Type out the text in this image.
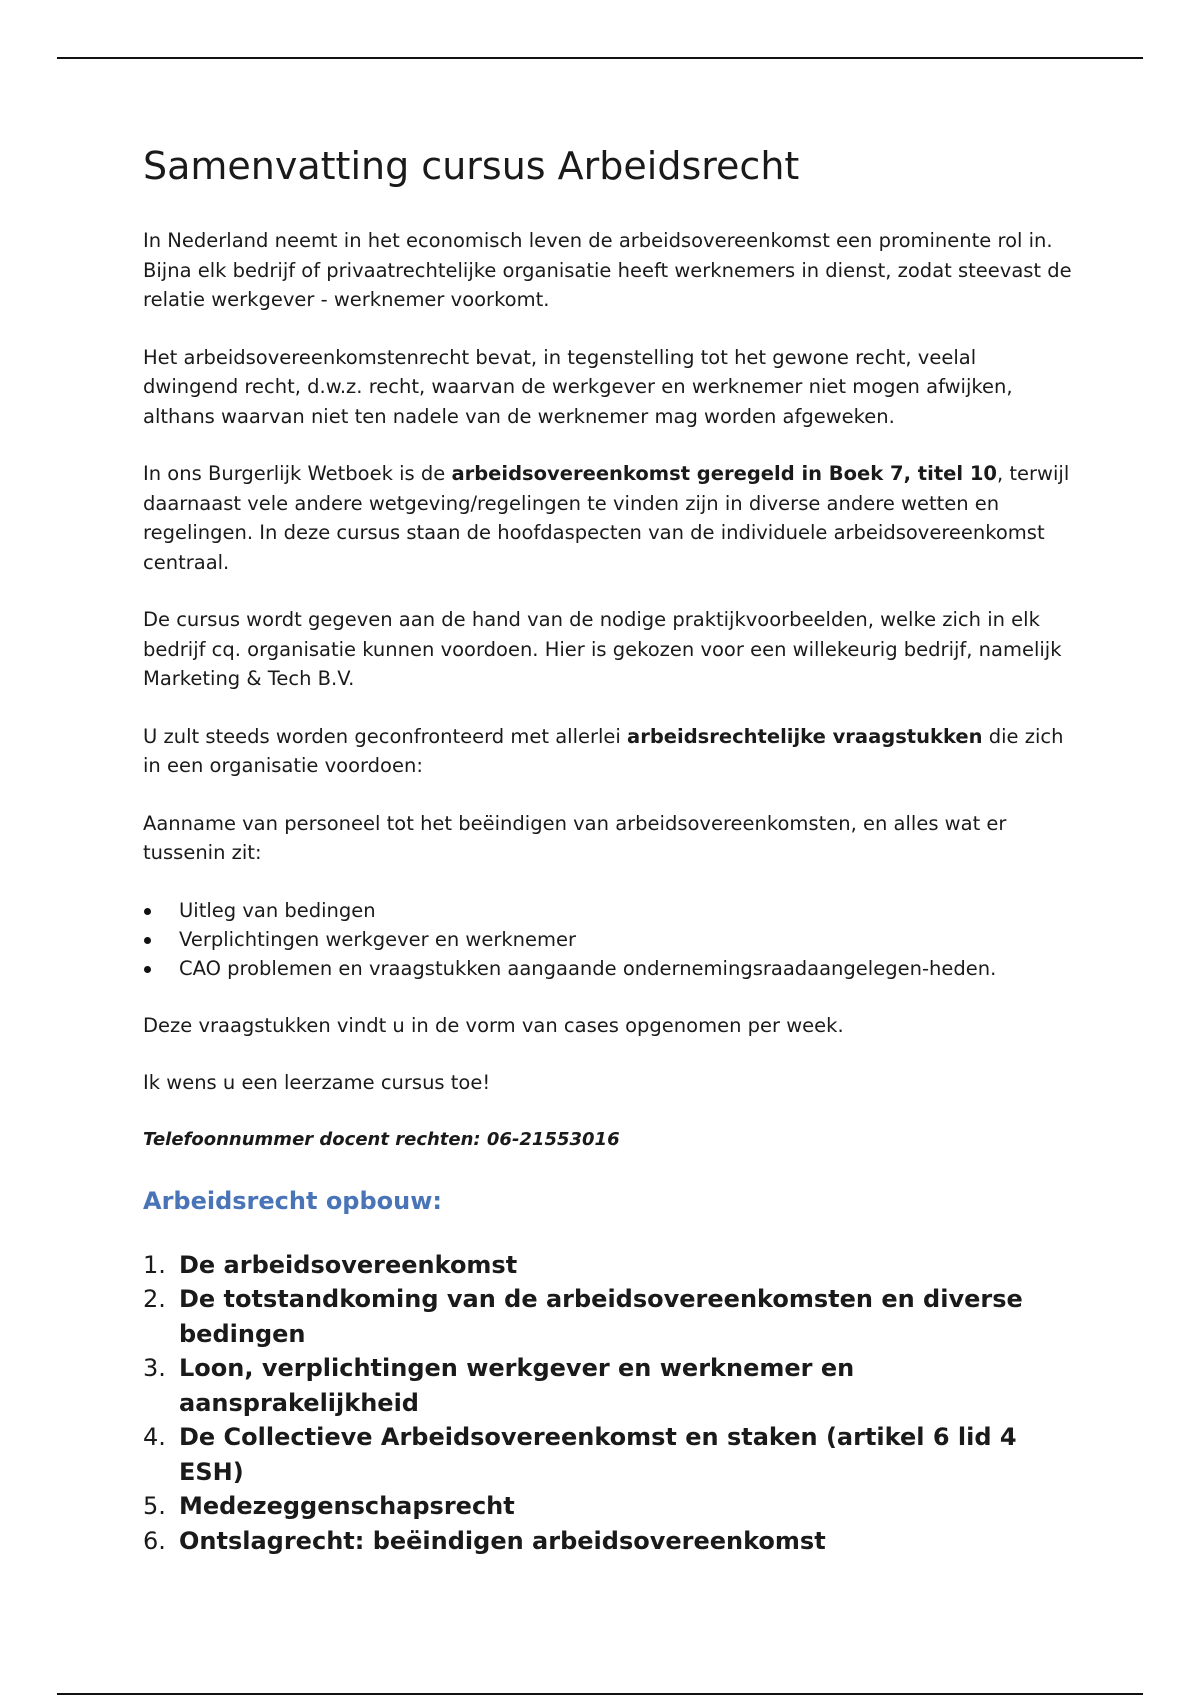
Samenvatting cursus Arbeidsrecht

In Nederland neemt in het economisch leven de arbeidsovereenkomst een prominente rol in. Bijna elk bedrijf of privaatrechtelijke organisatie heeft werknemers in dienst, zodat steevast de relatie werkgever - werknemer voorkomt.

Het arbeidsovereenkomstenrecht bevat, in tegenstelling tot het gewone recht, veelal dwingend recht, d.w.z. recht, waarvan de werkgever en werknemer niet mogen afwijken, althans waarvan niet ten nadele van de werknemer mag worden afgeweken.

In ons Burgerlijk Wetboek is de arbeidsovereenkomst geregeld in Boek 7, titel 10, terwijl daarnaast vele andere wetgeving/regelingen te vinden zijn in diverse andere wetten en regelingen. In deze cursus staan de hoofdaspecten van de individuele arbeidsovereenkomst centraal.

De cursus wordt gegeven aan de hand van de nodige praktijkvoorbeelden, welke zich in elk bedrijf cq. organisatie kunnen voordoen. Hier is gekozen voor een willekeurig bedrijf, namelijk Marketing & Tech B.V.

U zult steeds worden geconfronteerd met allerlei arbeidsrechtelijke vraagstukken die zich in een organisatie voordoen:

Aanname van personeel tot het beëindigen van arbeidsovereenkomsten, en alles wat er tussenin zit:

Uitleg van bedingen
Verplichtingen werkgever en werknemer
CAO problemen en vraagstukken aangaande ondernemingsraadaangelegen-heden.

Deze vraagstukken vindt u in de vorm van cases opgenomen per week.

Ik wens u een leerzame cursus toe!

Telefoonnummer docent rechten: 06-21553016

Arbeidsrecht opbouw:
1. De arbeidsovereenkomst
2. De totstandkoming van de arbeidsovereenkomsten en diverse bedingen
3. Loon, verplichtingen werkgever en werknemer en aansprakelijkheid
4. De Collectieve Arbeidsovereenkomst en staken (artikel 6 lid 4 ESH)
5. Medezeggenschapsrecht
6. Ontslagrecht: beëindigen arbeidsovereenkomst
